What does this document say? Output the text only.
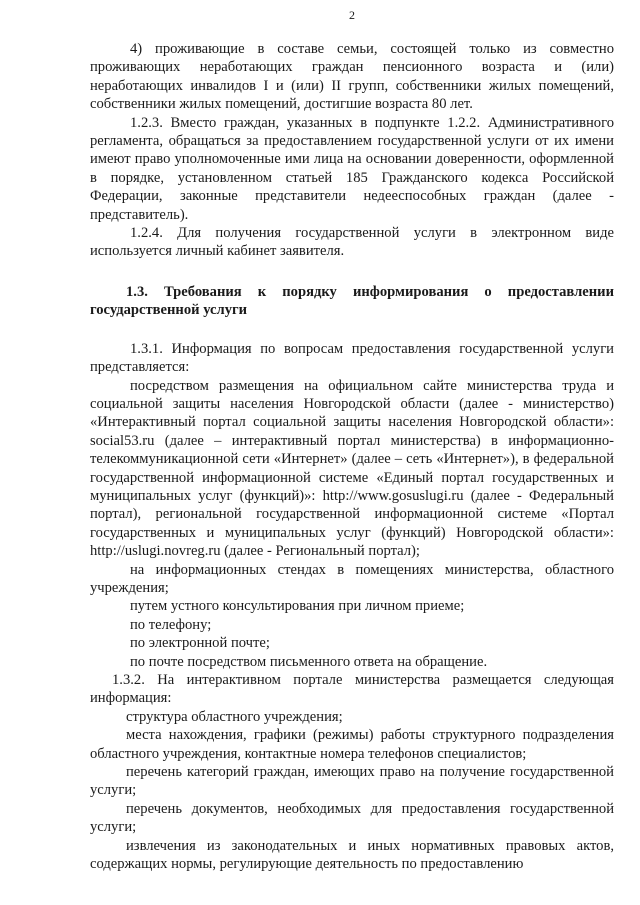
2

4) проживающие в составе семьи, состоящей только из совместно проживающих неработающих граждан пенсионного возраста и (или) неработающих инвалидов I и (или) II групп, собственники жилых помещений, собственники жилых помещений, достигшие возраста 80 лет.

1.2.3. Вместо граждан, указанных в подпункте 1.2.2. Административного регламента, обращаться за предоставлением государственной услуги от их имени имеют право уполномоченные ими лица на основании доверенности, оформленной в порядке, установленном статьей 185 Гражданского кодекса Российской Федерации, законные представители недееспособных граждан (далее - представитель).

1.2.4. Для получения государственной услуги в электронном виде используется личный кабинет заявителя.

1.3. Требования к порядку информирования о предоставлении государственной услуги

1.3.1. Информация по вопросам предоставления государственной услуги представляется:

посредством размещения на официальном сайте министерства труда и социальной защиты населения Новгородской области (далее - министерство) «Интерактивный портал социальной защиты населения Новгородской области»: social53.ru (далее – интерактивный портал министерства) в информационно-телекоммуникационной сети «Интернет» (далее – сеть «Интернет»), в федеральной государственной информационной системе «Единый портал государственных и муниципальных услуг (функций)»: http://www.gosuslugi.ru (далее - Федеральный портал), региональной государственной информационной системе «Портал государственных и муниципальных услуг (функций) Новгородской области»: http://uslugi.novreg.ru (далее - Региональный портал);

на информационных стендах в помещениях министерства, областного учреждения;

путем устного консультирования при личном приеме;

по телефону;

по электронной почте;

по почте посредством письменного ответа на обращение.

1.3.2. На интерактивном портале министерства размещается следующая информация:

структура областного учреждения;

места нахождения, графики (режимы) работы структурного подразделения областного учреждения, контактные номера телефонов специалистов;

перечень категорий граждан, имеющих право на получение государственной услуги;

перечень документов, необходимых для предоставления государственной услуги;

извлечения из законодательных и иных нормативных правовых актов, содержащих нормы, регулирующие деятельность по предоставлению
